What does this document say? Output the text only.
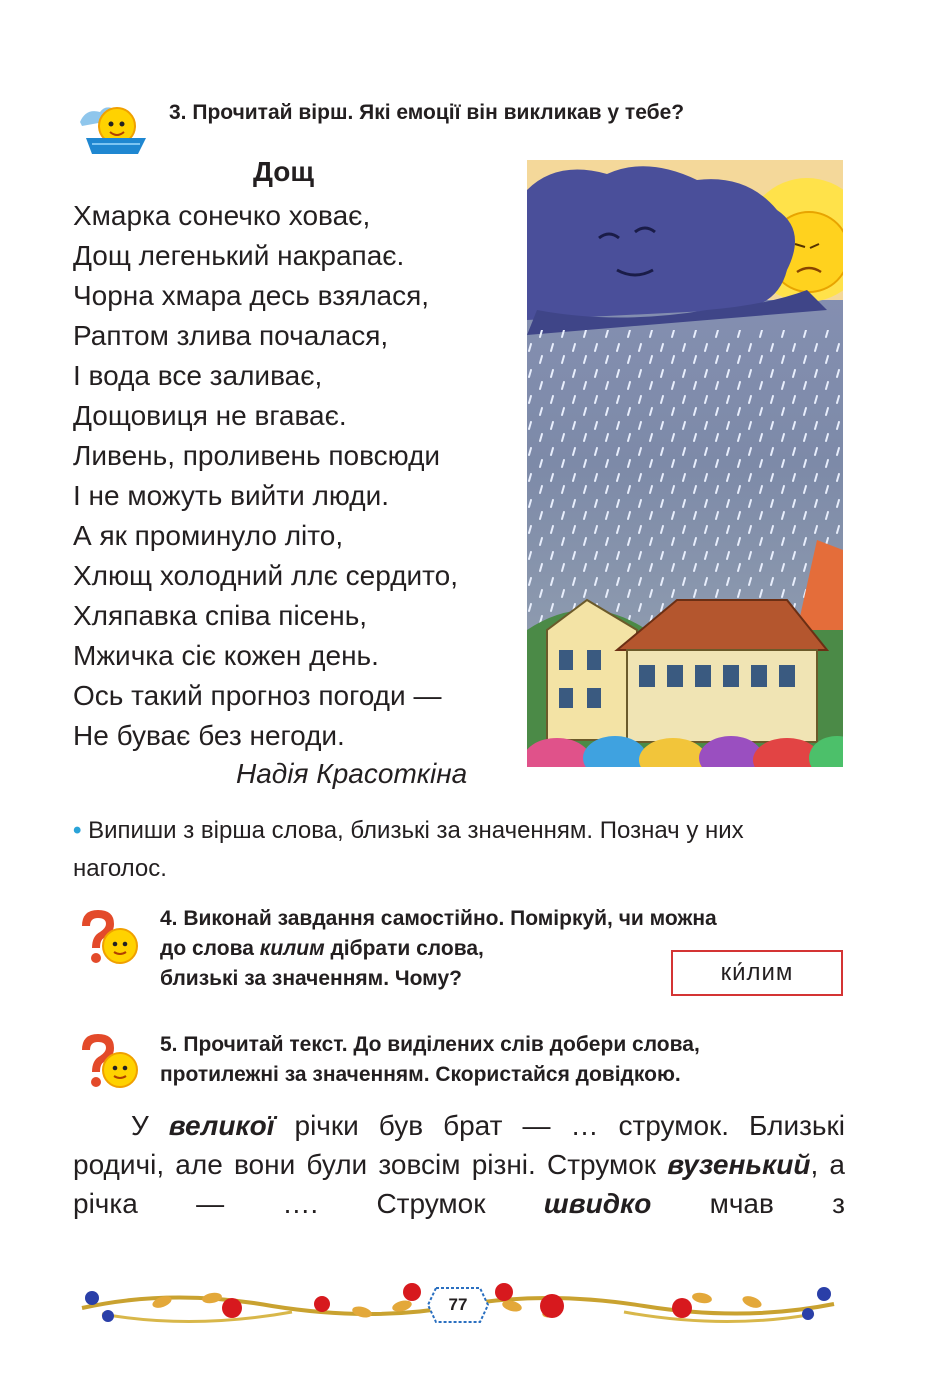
3. Прочитай вірш. Які емоції він викликав у тебе?
Дощ
Хмарка сонечко ховає,
Дощ легенький накрапає.
Чорна хмара десь взялася,
Раптом злива почалася,
І вода все заливає,
Дощовиця не вгаває.
Ливень, проливень повсюди
І не можуть вийти люди.
А як проминуло літо,
Хлющ холодний ллє сердито,
Хляпавка співа пісень,
Мжичка сіє кожен день.
Ось такий прогноз погоди —
Не буває без негоди.
Надія Красоткіна
• Випиши з вірша слова, близькі за значенням. Познач у них наголос.
4. Виконай завдання самостійно. Поміркуй, чи можна
до слова килим дібрати слова,
близькі за значенням. Чому?	ки́лим
5. Прочитай текст. До виділених слів добери слова,
протилежні за значенням. Скористайся довідкою.

У великої річки був брат — … струмок. Близькі родичі, але вони були зовсім різні. Струмок вузенький, а річка — …. Струмок швидко мчав з

77
